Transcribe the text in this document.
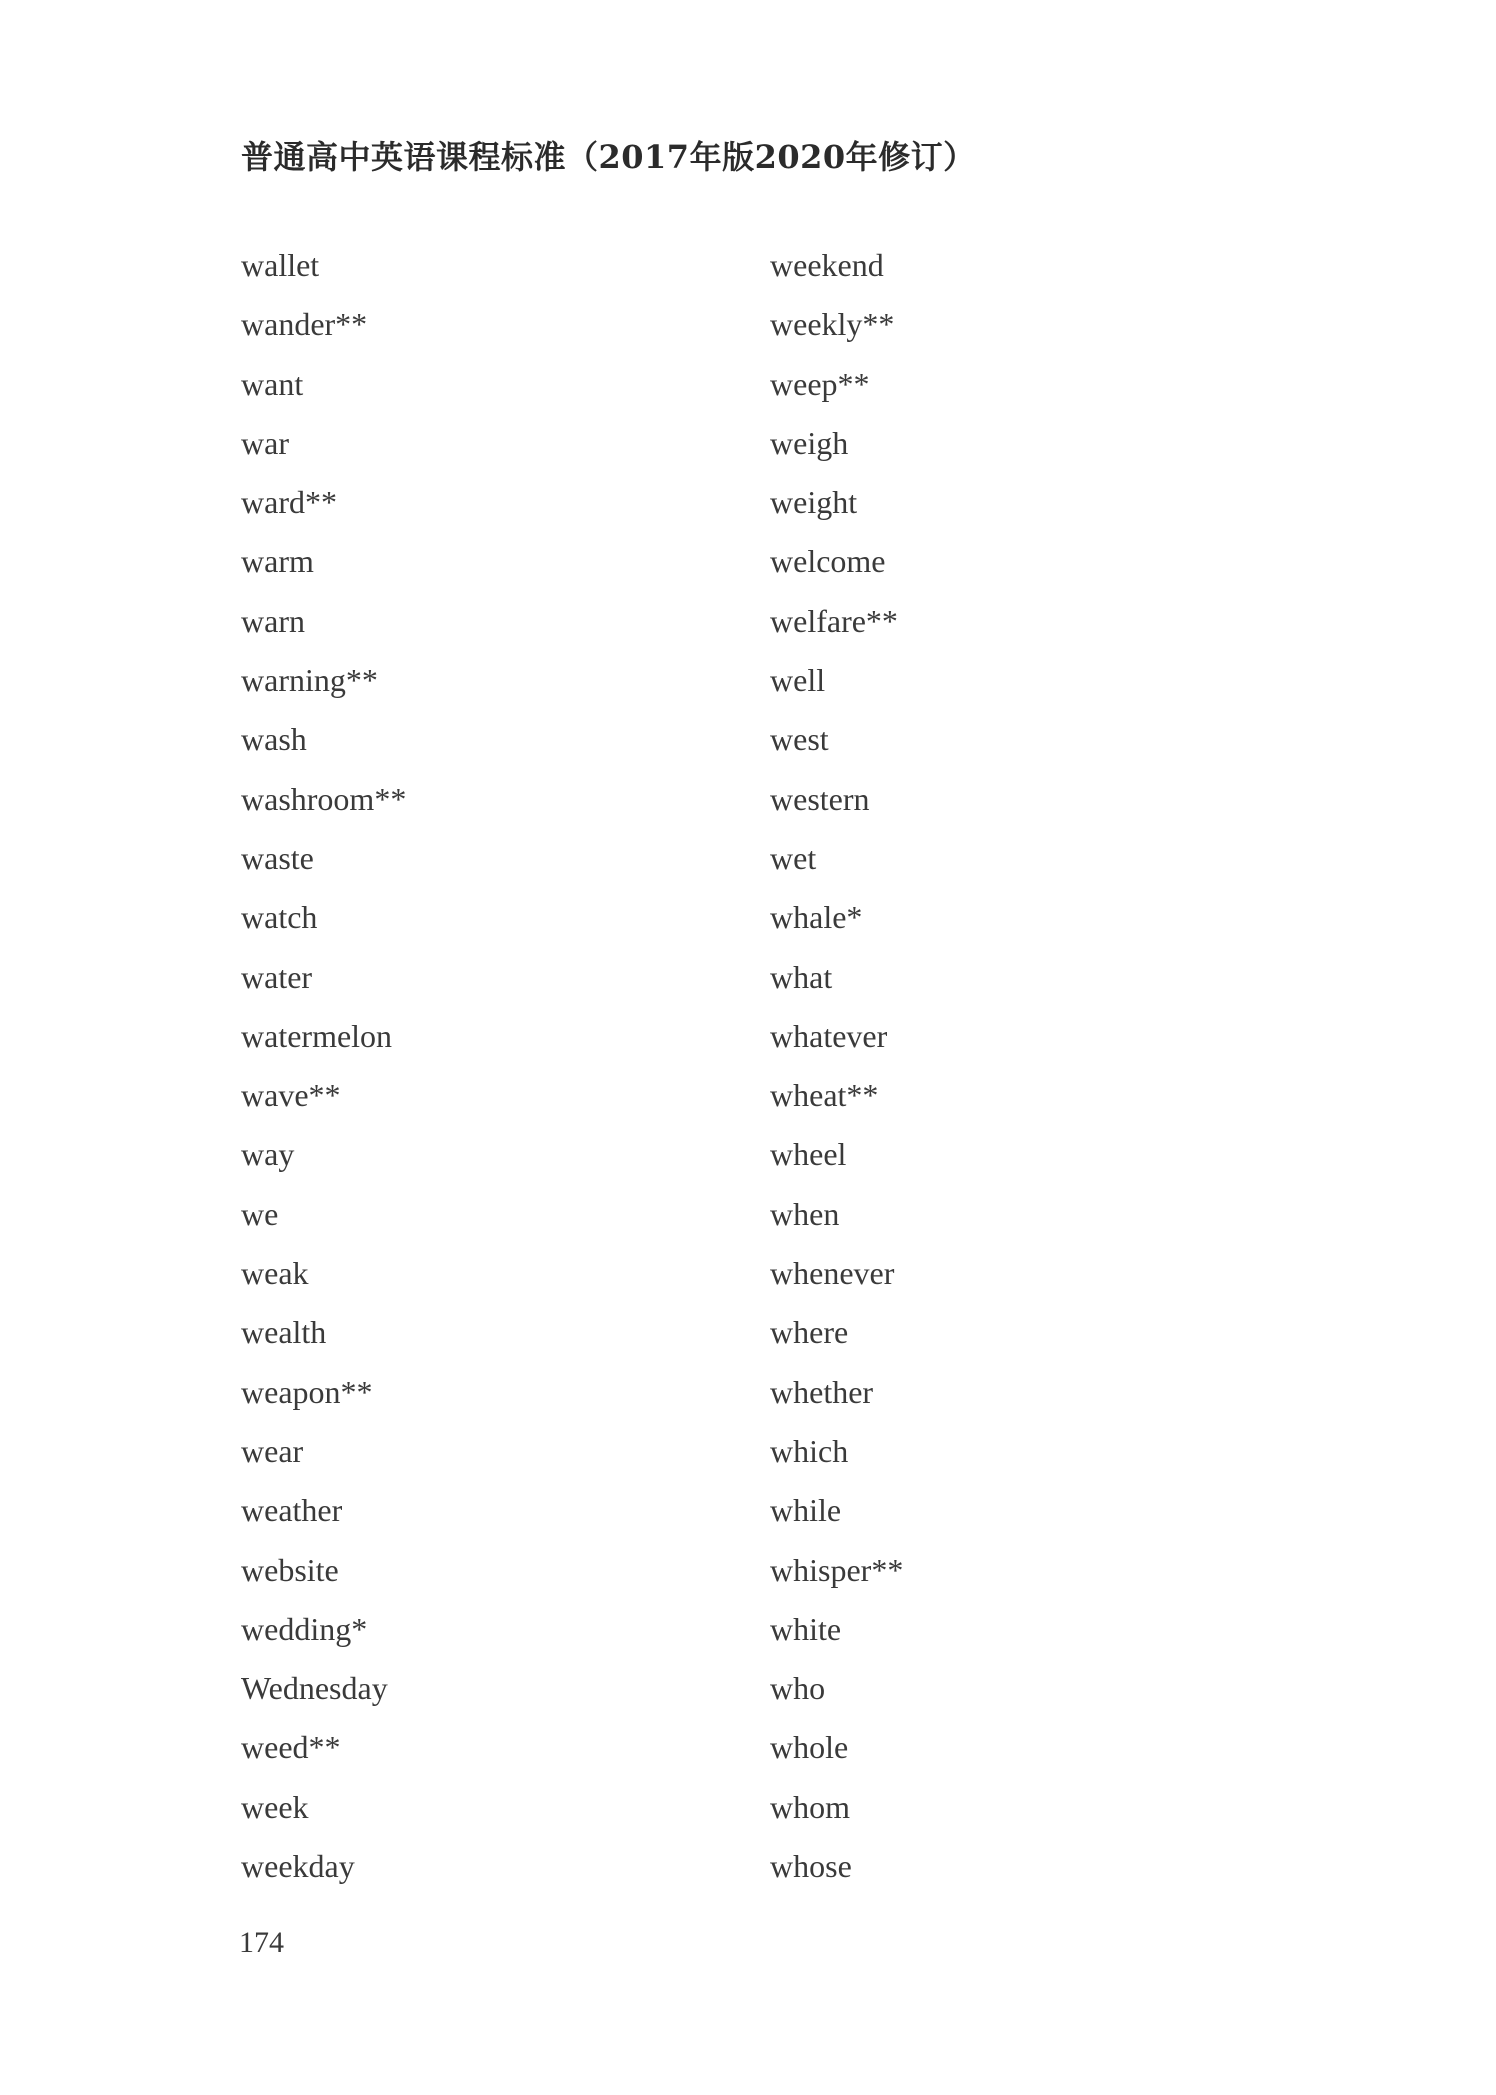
普通高中英语课程标准（2017年版2020年修订）
wallet
wander**
want
war
ward**
warm
warn
warning**
wash
washroom**
waste
watch
water
watermelon
wave**
way
we
weak
wealth
weapon**
wear
weather
website
wedding*
Wednesday
weed**
week
weekday
weekend
weekly**
weep**
weigh
weight
welcome
welfare**
well
west
western
wet
whale*
what
whatever
wheat**
wheel
when
whenever
where
whether
which
while
whisper**
white
who
whole
whom
whose
174
